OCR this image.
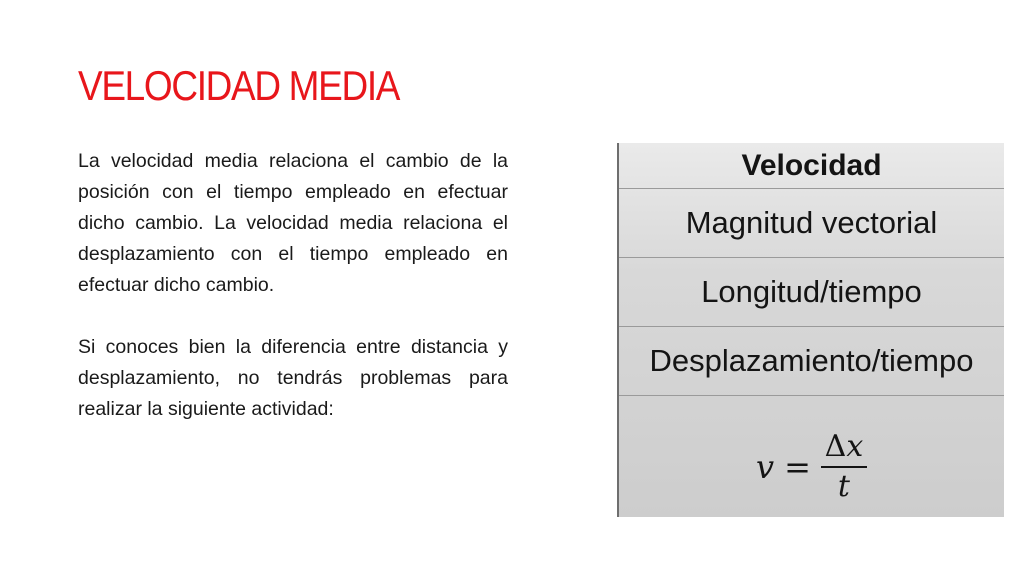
VELOCIDAD MEDIA

La velocidad media relaciona el cambio de la posición con el tiempo empleado en efectuar dicho cambio. La velocidad media relaciona el desplazamiento con el tiempo empleado en efectuar dicho cambio.

Si conoces bien la diferencia entre distancia y desplazamiento, no tendrás problemas para realizar la siguiente actividad:

Velocidad
Magnitud vectorial
Longitud/tiempo
Desplazamiento/tiempo
$v = \frac{\Delta x}{t}$
